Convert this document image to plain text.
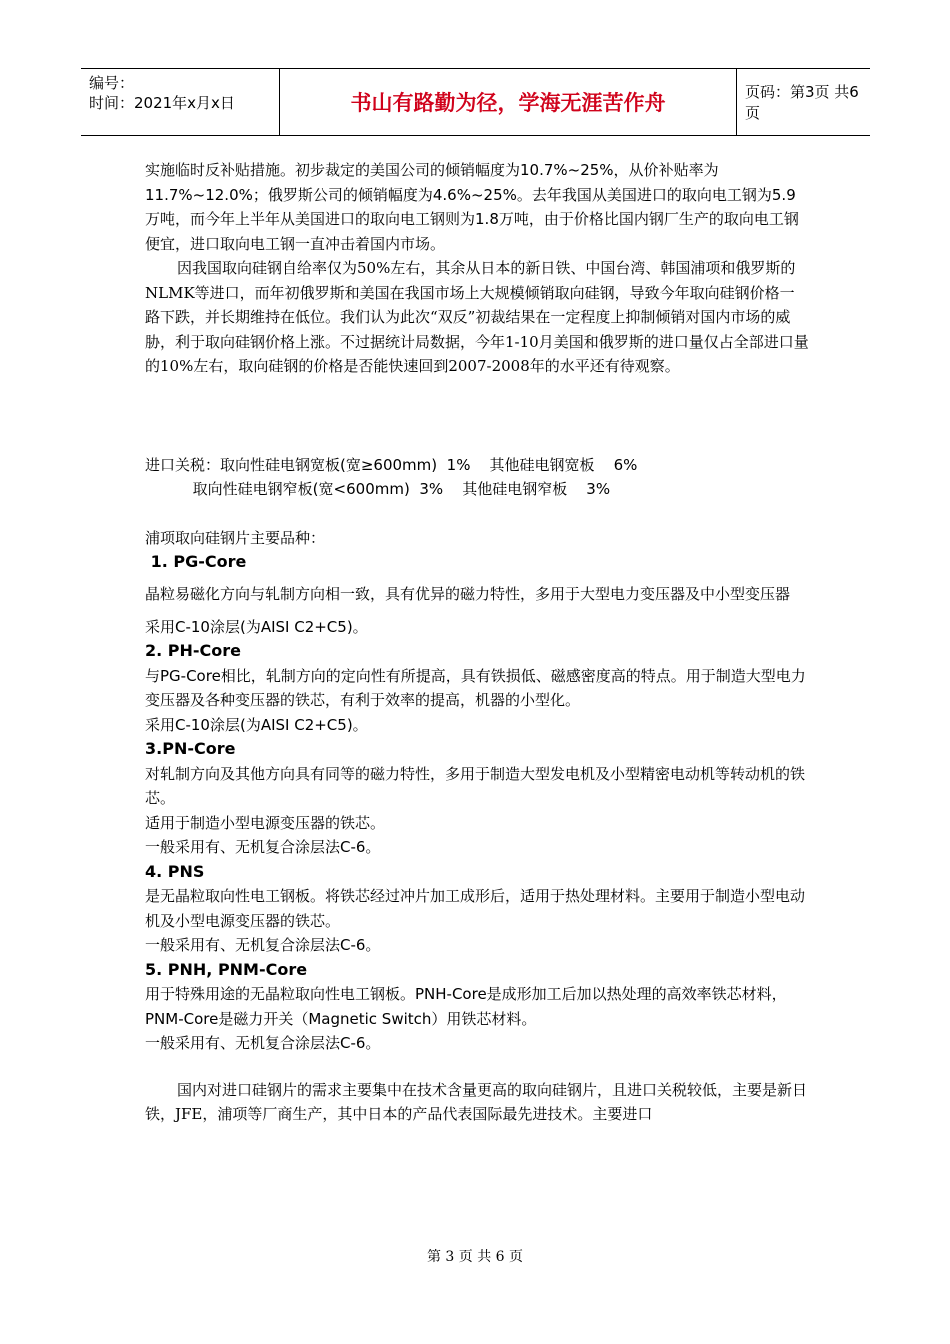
编号：
时间：2021年x月x日	书山有路勤为径，学海无涯苦作舟	页码：第3页 共6页

实施临时反补贴措施。初步裁定的美国公司的倾销幅度为10.7%~25%，从价补贴率为11.7%~12.0%；俄罗斯公司的倾销幅度为4.6%~25%。去年我国从美国进口的取向电工钢为5.9万吨，而今年上半年从美国进口的取向电工钢则为1.8万吨，由于价格比国内钢厂生产的取向电工钢便宜，进口取向电工钢一直冲击着国内市场。

因我国取向硅钢自给率仅为50%左右，其余从日本的新日铁、中国台湾、韩国浦项和俄罗斯的NLMK等进口，而年初俄罗斯和美国在我国市场上大规模倾销取向硅钢，导致今年取向硅钢价格一路下跌，并长期维持在低位。我们认为此次“双反”初裁结果在一定程度上抑制倾销对国内市场的威胁，利于取向硅钢价格上涨。不过据统计局数据，今年1-10月美国和俄罗斯的进口量仅占全部进口量的10%左右，取向硅钢的价格是否能快速回到2007-2008年的水平还有待观察。

进口关税：取向性硅电钢宽板(宽≥600mm)  1%    其他硅电钢宽板    6%

取向性硅电钢窄板(宽<600mm)  3%    其他硅电钢窄板    3%

浦项取向硅钢片主要品种：

1. PG-Core

晶粒易磁化方向与轧制方向相一致，具有优异的磁力特性，多用于大型电力变压器及中小型变压器

采用C-10涂层(为AISI C2+C5)。

2. PH-Core

与PG-Core相比，轧制方向的定向性有所提高，具有铁损低、磁感密度高的特点。用于制造大型电力变压器及各种变压器的铁芯，有利于效率的提高，机器的小型化。

采用C-10涂层(为AISI C2+C5)。

3.PN-Core

对轧制方向及其他方向具有同等的磁力特性，多用于制造大型发电机及小型精密电动机等转动机的铁芯。

适用于制造小型电源变压器的铁芯。

一般采用有、无机复合涂层法C-6。

4. PNS

是无晶粒取向性电工钢板。将铁芯经过冲片加工成形后，适用于热处理材料。主要用于制造小型电动机及小型电源变压器的铁芯。

一般采用有、无机复合涂层法C-6。

5. PNH, PNM-Core

用于特殊用途的无晶粒取向性电工钢板。PNH-Core是成形加工后加以热处理的高效率铁芯材料，PNM-Core是磁力开关（Magnetic Switch）用铁芯材料。

一般采用有、无机复合涂层法C-6。

国内对进口硅钢片的需求主要集中在技术含量更高的取向硅钢片，且进口关税较低，主要是新日铁，JFE，浦项等厂商生产，其中日本的产品代表国际最先进技术。主要进口

第 3 页 共 6 页
